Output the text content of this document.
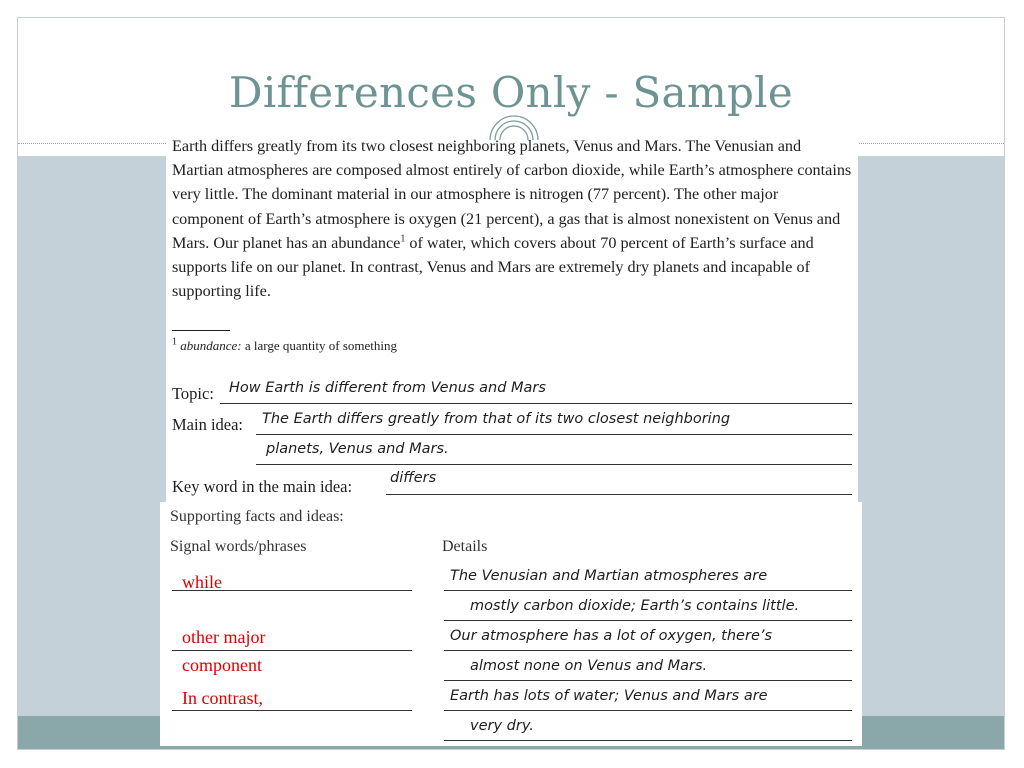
Differences Only - Sample

Earth differs greatly from its two closest neighboring planets, Venus and Mars. The Venusian and Martian atmospheres are composed almost entirely of carbon dioxide, while Earth’s atmosphere contains very little. The dominant material in our atmosphere is nitrogen (77 percent). The other major component of Earth’s atmosphere is oxygen (21 percent), a gas that is almost nonexistent on Venus and Mars. Our planet has an abundance$^1$ of water, which covers about 70 percent of Earth’s surface and supports life on our planet. In contrast, Venus and Mars are extremely dry planets and incapable of supporting life.

$^1$ abundance: a large quantity of something
Topic: How Earth is different from Venus and Mars
Main idea: The Earth differs greatly from that of its two closest neighboring
planets, Venus and Mars.
Key word in the main idea:	differs
Supporting facts and ideas:
Signal words/phrases	Details
The Venusian and Martian atmospheres are
mostly carbon dioxide; Earth’s contains little.
Our atmosphere has a lot of oxygen, there’s
almost none on Venus and Mars.
Earth has lots of water; Venus and Mars are
very dry.
while
other major
component
In contrast,
